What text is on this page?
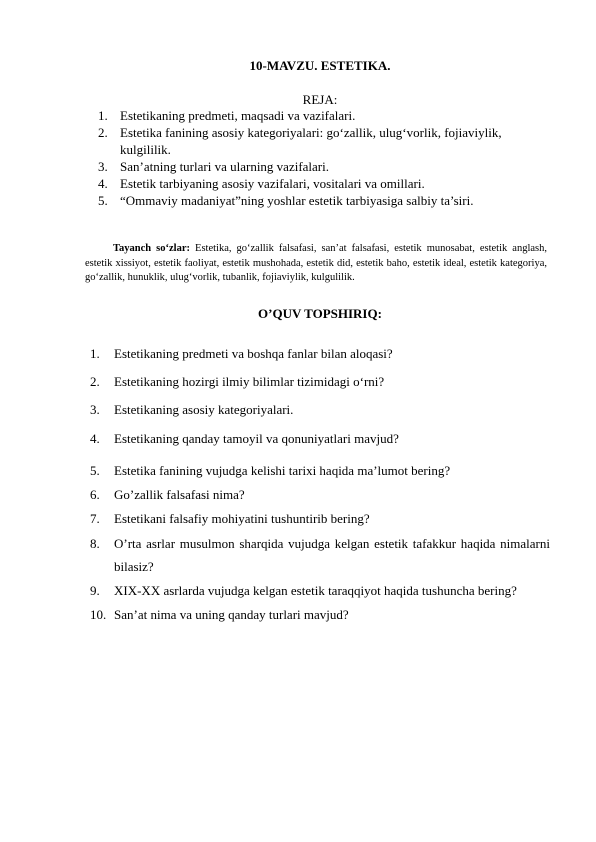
10-MAVZU. ESTETIKA.
REJA:
1. Estetikaning predmeti, maqsadi va vazifalari.
2. Estetika fanining asosiy kategoriyalari: go‘zallik, ulug‘vorlik, fojiaviylik, kulgililik.
3. San’atning turlari va ularning vazifalari.
4. Estetik tarbiyaning asosiy vazifalari, vositalari va omillari.
5. “Ommaviy madaniyat”ning yoshlar estetik tarbiyasiga salbiy ta’siri.
Tayanch so‘zlar: Estetika, go‘zallik falsafasi, san’at falsafasi, estetik munosabat, estetik anglash, estetik xissiyot, estetik faoliyat, estetik mushohada, estetik did, estetik baho, estetik ideal, estetik kategoriya, go‘zallik, hunuklik, ulug‘vorlik, tubanlik, fojiaviylik, kulgulilik.
O’QUV TOPSHIRIQ:
1.	Estetikaning predmeti va boshqa fanlar bilan aloqasi?
2.	Estetikaning hozirgi ilmiy bilimlar tizimidagi o‘rni?
3.	Estetikaning asosiy kategoriyalari.
4.	Estetikaning qanday tamoyil va qonuniyatlari mavjud?
5.	Estetika fanining vujudga kelishi tarixi haqida ma’lumot bering?
6.	Go’zallik falsafasi nima?
7.	Estetikani falsafiy mohiyatini tushuntirib bering?
8.	O’rta asrlar musulmon sharqida vujudga kelgan estetik tafakkur haqida nimalarni bilasiz?
9.	XIX-XX asrlarda vujudga kelgan estetik taraqqiyot haqida tushuncha bering?
10. San’at nima va uning qanday turlari mavjud?
